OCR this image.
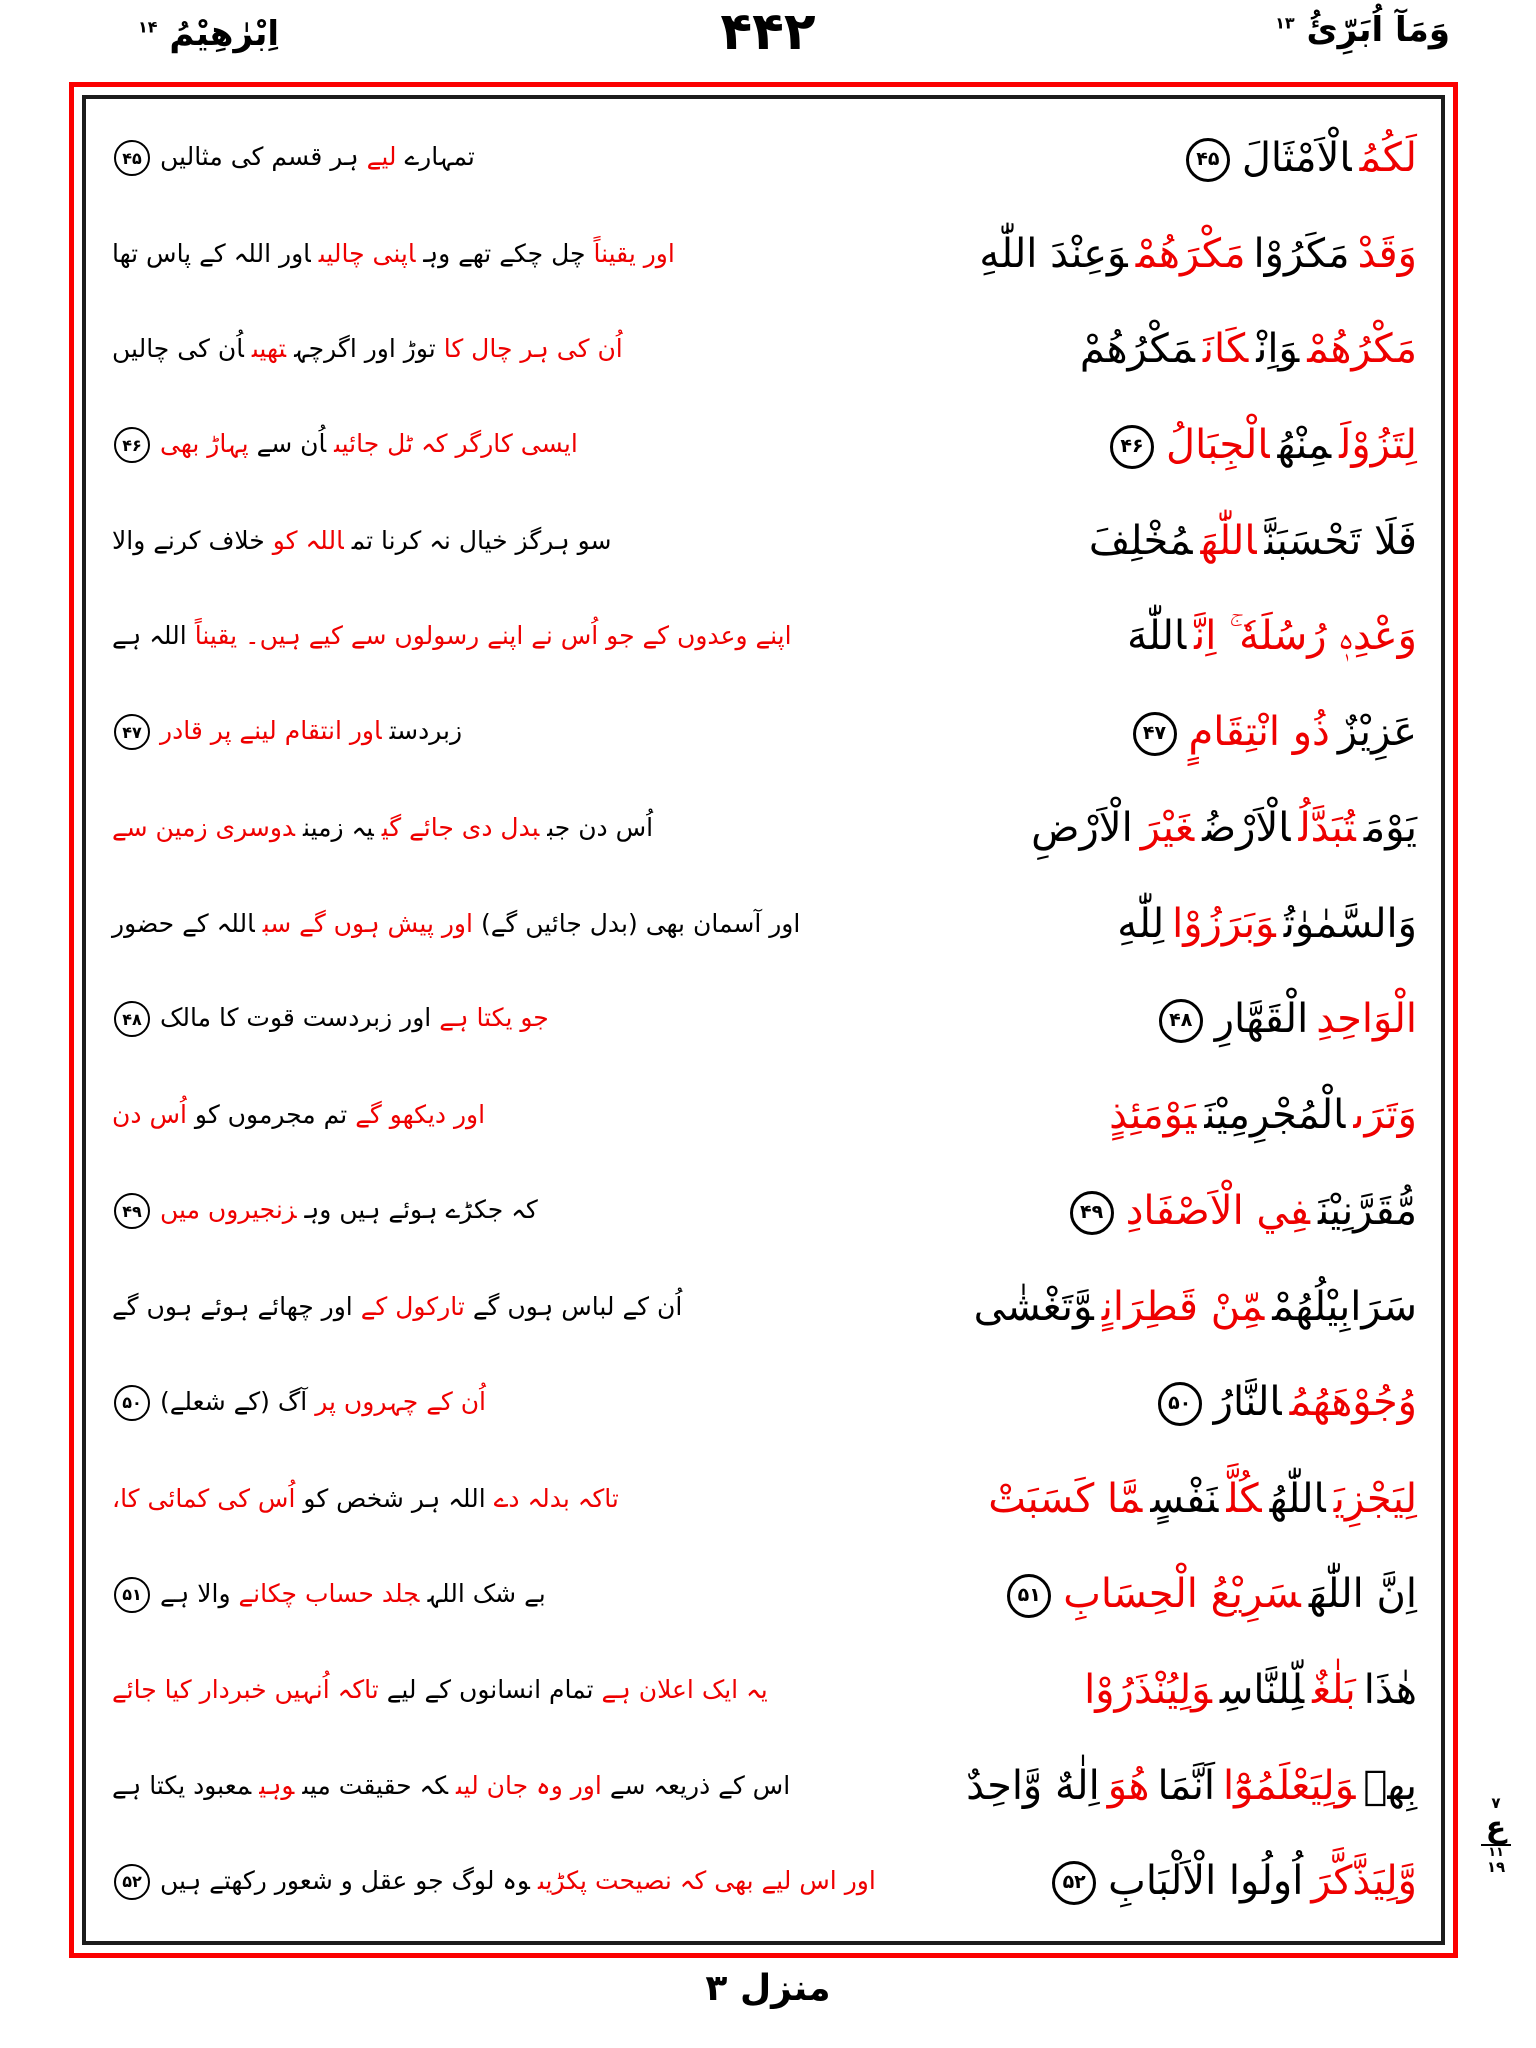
اِبْرٰهِيْمُ $^{۱۴}$	۴۴۲	وَمَآ اُبَرِّئُ $^{۱۳}$
لَكُمُالْاَمْثَالَ۴۵
تمہارےلیےہر قسم کی مثالیں۴۵
وَقَدْمَكَرُوْامَكْرَهُمْوَعِنْدَ اللّٰهِ
اور یقیناًچل چکے تھے وہاپنی چالیںاور اللہ کے پاس تھا
مَكْرُهُمْوَاِنْكَانَمَكْرُهُمْ
اُن کی ہر چال کاتوڑ اور اگرچہتھیںاُن کی چالیں
لِتَزُوْلَمِنْهُالْجِبَالُ۴۶
ایسی کارگر کہ ٹل جائیںاُن سےپہاڑ بھی۴۶
فَلَا تَحْسَبَنَّاللّٰهَمُخْلِفَ
سو ہرگز خیال نہ کرنا تماللہ کوخلاف کرنے والا
وَعْدِهٖ رُسُلَهٗ ۚ اِنَّاللّٰهَ
اپنے وعدوں کے جو اُس نے اپنے رسولوں سے کیے ہیں۔ یقیناًاللہ ہے
عَزِيْزٌذُو انْتِقَامٍ۴۷
زبردستاور انتقام لینے پر قادر۴۷
يَوْمَتُبَدَّلُالْاَرْضُغَيْرَالْاَرْضِ
اُس دن جببدل دی جائے گییہ زمیندوسری زمین سے
وَالسَّمٰوٰتُوَبَرَزُوْالِلّٰهِ
اور آسمان بھی (بدل جائیں گے)اور پیش ہوں گے سباللہ کے حضور
الْوَاحِدِالْقَهَّارِ۴۸
جو یکتا ہےاور زبردست قوت کا مالک۴۸
وَتَرَىالْمُجْرِمِيْنَيَوْمَئِذٍ
اور دیکھو گےتم مجرموں کواُس دن
مُّقَرَّنِيْنَفِي الْاَصْفَادِ۴۹
کہ جکڑے ہوئے ہیں وہزنجیروں میں۴۹
سَرَابِيْلُهُمْمِّنْ قَطِرَانٍوَّتَغْشٰى
اُن کے لباس ہوں گےتارکول کےاور چھائے ہوئے ہوں گے
وُجُوْهَهُمُالنَّارُ۵۰
اُن کے چہروں پرآگ (کے شعلے)۵۰
لِيَجْزِيَاللّٰهُكُلَّنَفْسٍمَّا كَسَبَتْ
تاکہ بدلہ دےاللہ ہر شخص کواُس کی کمائی کا،
اِنَّ اللّٰهَسَرِيْعُ الْحِسَابِ۵۱
بے شک اللہجلد حساب چکانےوالا ہے۵۱
هٰذَابَلٰغٌلِّلنَّاسِوَلِيُنْذَرُوْا
یہ ایک اعلان ہےتمام انسانوں کے لیےتاکہ اُنہیں خبردار کیا جائے
بِهٖوَلِيَعْلَمُوْٓااَنَّمَاهُوَاِلٰهٌ وَّاحِدٌ
اس کے ذریعہ سےاور وہ جان لیںکہ حقیقت میںوہیمعبود یکتا ہے
وَّلِيَذَّكَّرَاُولُوا الْاَلْبَابِ۵۲
اور اس لیے بھی کہ نصیحت پکڑیںوہ لوگ جو عقل و شعور رکھتے ہیں۵۲
۷
ع
۱۱
۱۹
منزل ۳
